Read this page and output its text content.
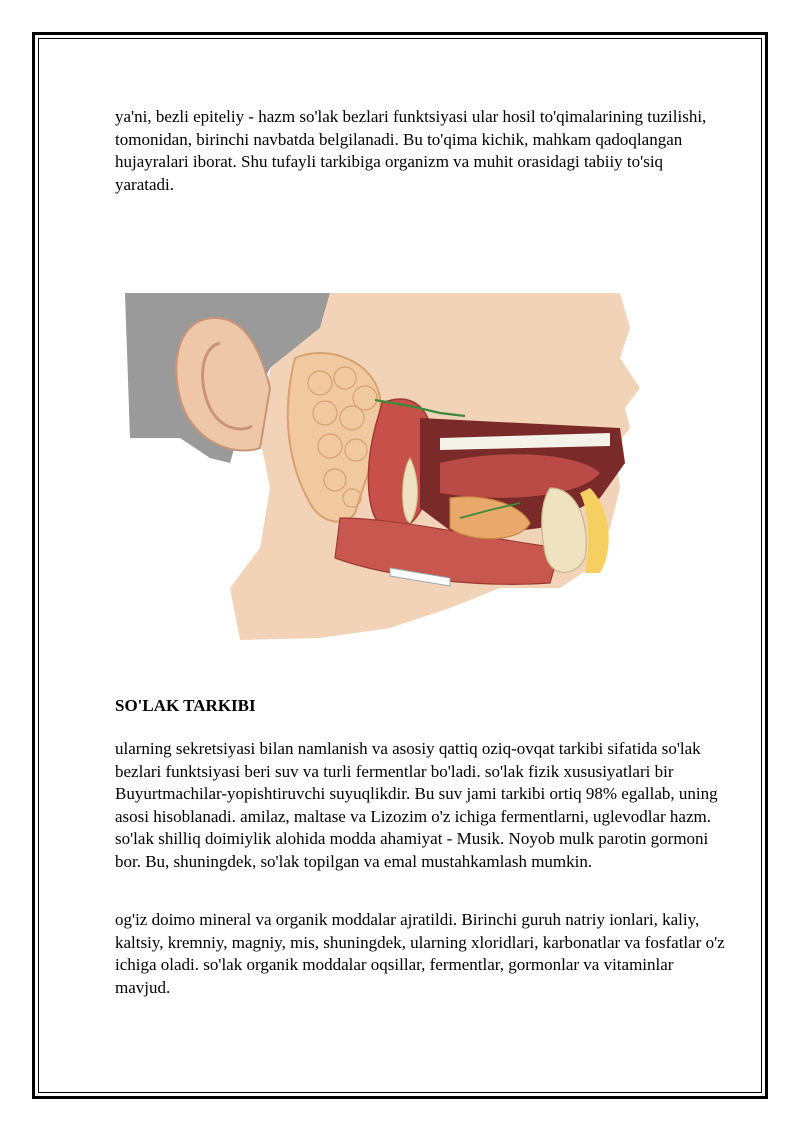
ya'ni, bezli epiteliy - hazm so'lak bezlari funktsiyasi ular hosil to'qimalarining tuzilishi, tomonidan, birinchi navbatda belgilanadi. Bu to'qima kichik, mahkam qadoqlangan hujayralari iborat. Shu tufayli tarkibiga organizm va muhit orasidagi tabiiy to'siq yaratadi.

SO'LAK TARKIBI

ularning sekretsiyasi bilan namlanish va asosiy qattiq oziq-ovqat tarkibi sifatida so'lak bezlari funktsiyasi beri suv va turli fermentlar bo'ladi. so'lak fizik xususiyatlari bir Buyurtmachilar-yopishtiruvchi suyuqlikdir. Bu suv jami tarkibi ortiq 98% egallab, uning asosi hisoblanadi. amilaz, maltase va Lizozim o'z ichiga fermentlarni, uglevodlar hazm. so'lak shilliq doimiylik alohida modda ahamiyat - Musik. Noyob mulk parotin gormoni bor. Bu, shuningdek, so'lak topilgan va emal mustahkamlash mumkin.

og'iz doimo mineral va organik moddalar ajratildi. Birinchi guruh natriy ionlari, kaliy, kaltsiy, kremniy, magniy, mis, shuningdek, ularning xloridlari, karbonatlar va fosfatlar o'z ichiga oladi. so'lak organik moddalar oqsillar, fermentlar, gormonlar va vitaminlar mavjud.
